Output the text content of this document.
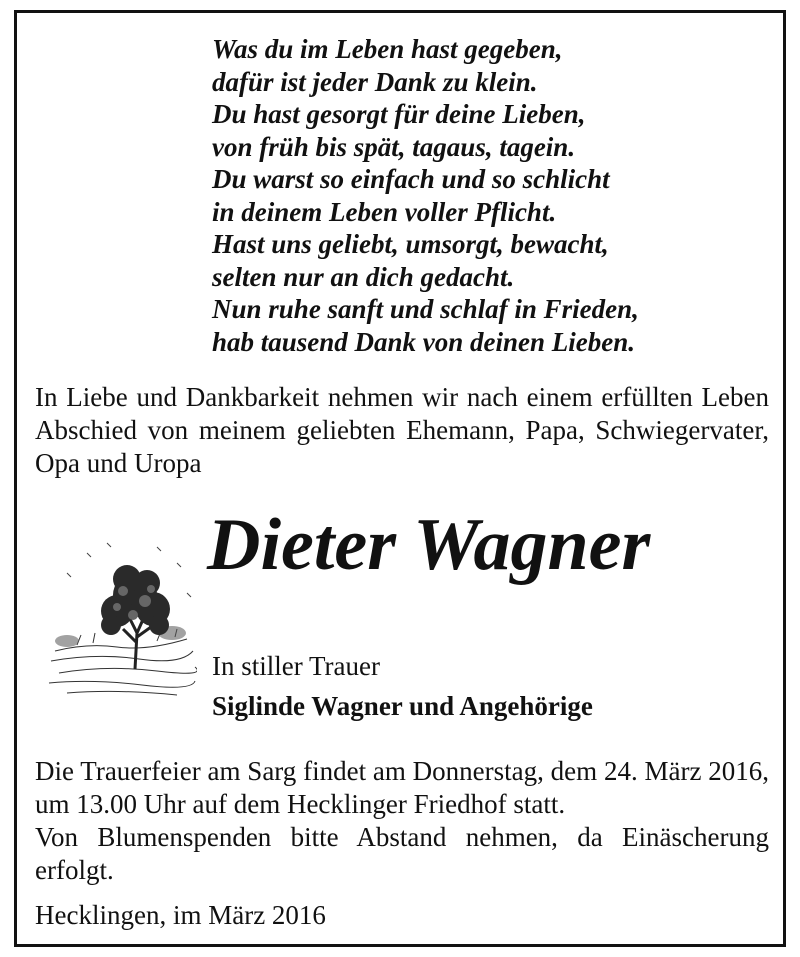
Was du im Leben hast gegeben,
dafür ist jeder Dank zu klein.
Du hast gesorgt für deine Lieben,
von früh bis spät, tagaus, tagein.
Du warst so einfach und so schlicht
in deinem Leben voller Pflicht.
Hast uns geliebt, umsorgt, bewacht,
selten nur an dich gedacht.
Nun ruhe sanft und schlaf in Frieden,
hab tausend Dank von deinen Lieben.

In Liebe und Dankbarkeit nehmen wir nach einem erfüllten Leben Abschied von meinem geliebten Ehemann, Papa, Schwiegervater, Opa und Uropa

Dieter Wagner

In stiller Trauer

Siglinde Wagner und Angehörige

Die Trauerfeier am Sarg findet am Donnerstag, dem 24. März 2016, um 13.00 Uhr auf dem Hecklinger Friedhof statt.

Von Blumenspenden bitte Abstand nehmen, da Einäscherung erfolgt.

Hecklingen, im März 2016
